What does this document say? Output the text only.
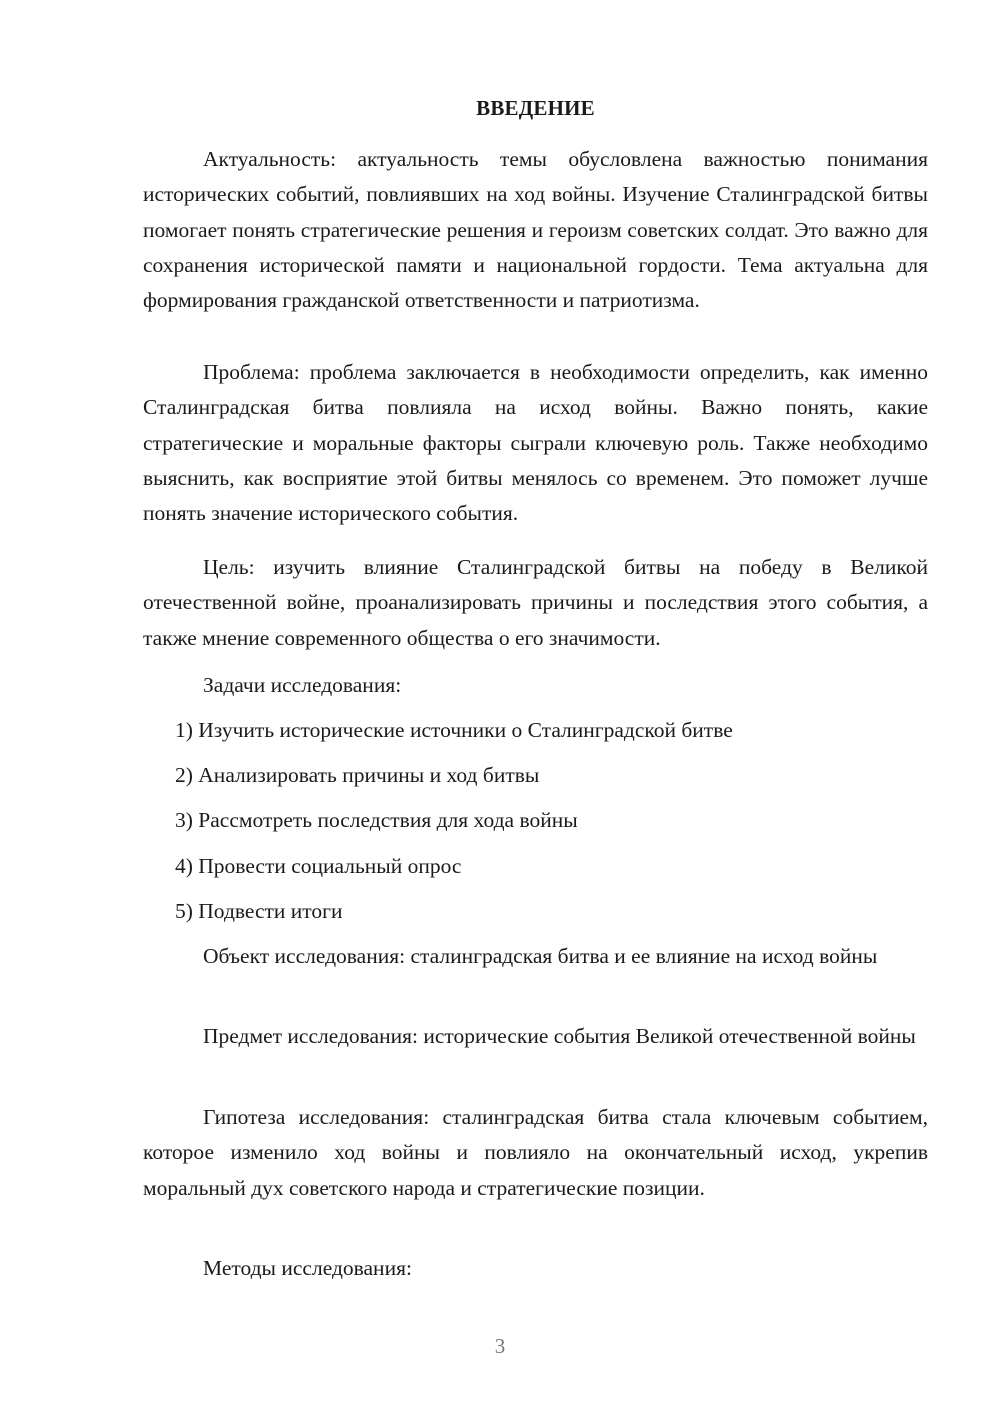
ВВЕДЕНИЕ

Актуальность: актуальность темы обусловлена важностью понимания исторических событий, повлиявших на ход войны. Изучение Сталинградской битвы помогает понять стратегические решения и героизм советских солдат. Это важно для сохранения исторической памяти и национальной гордости. Тема актуальна для формирования гражданской ответственности и патриотизма.

Проблема: проблема заключается в необходимости определить, как именно Сталинградская битва повлияла на исход войны. Важно понять, какие стратегические и моральные факторы сыграли ключевую роль. Также необходимо выяснить, как восприятие этой битвы менялось со временем. Это поможет лучше понять значение исторического события.

Цель: изучить влияние Сталинградской битвы на победу в Великой отечественной войне, проанализировать причины и последствия этого события, а также мнение современного общества о его значимости.

Задачи исследования:
1) Изучить исторические источники о Сталинградской битве
2) Анализировать причины и ход битвы
3) Рассмотреть последствия для хода войны
4) Провести социальный опрос
5) Подвести итоги

Объект исследования: сталинградская битва и ее влияние на исход войны

Предмет исследования: исторические события Великой отечественной войны

Гипотеза исследования: сталинградская битва стала ключевым событием, которое изменило ход войны и повлияло на окончательный исход, укрепив моральный дух советского народа и стратегические позиции.

Методы исследования:
3
